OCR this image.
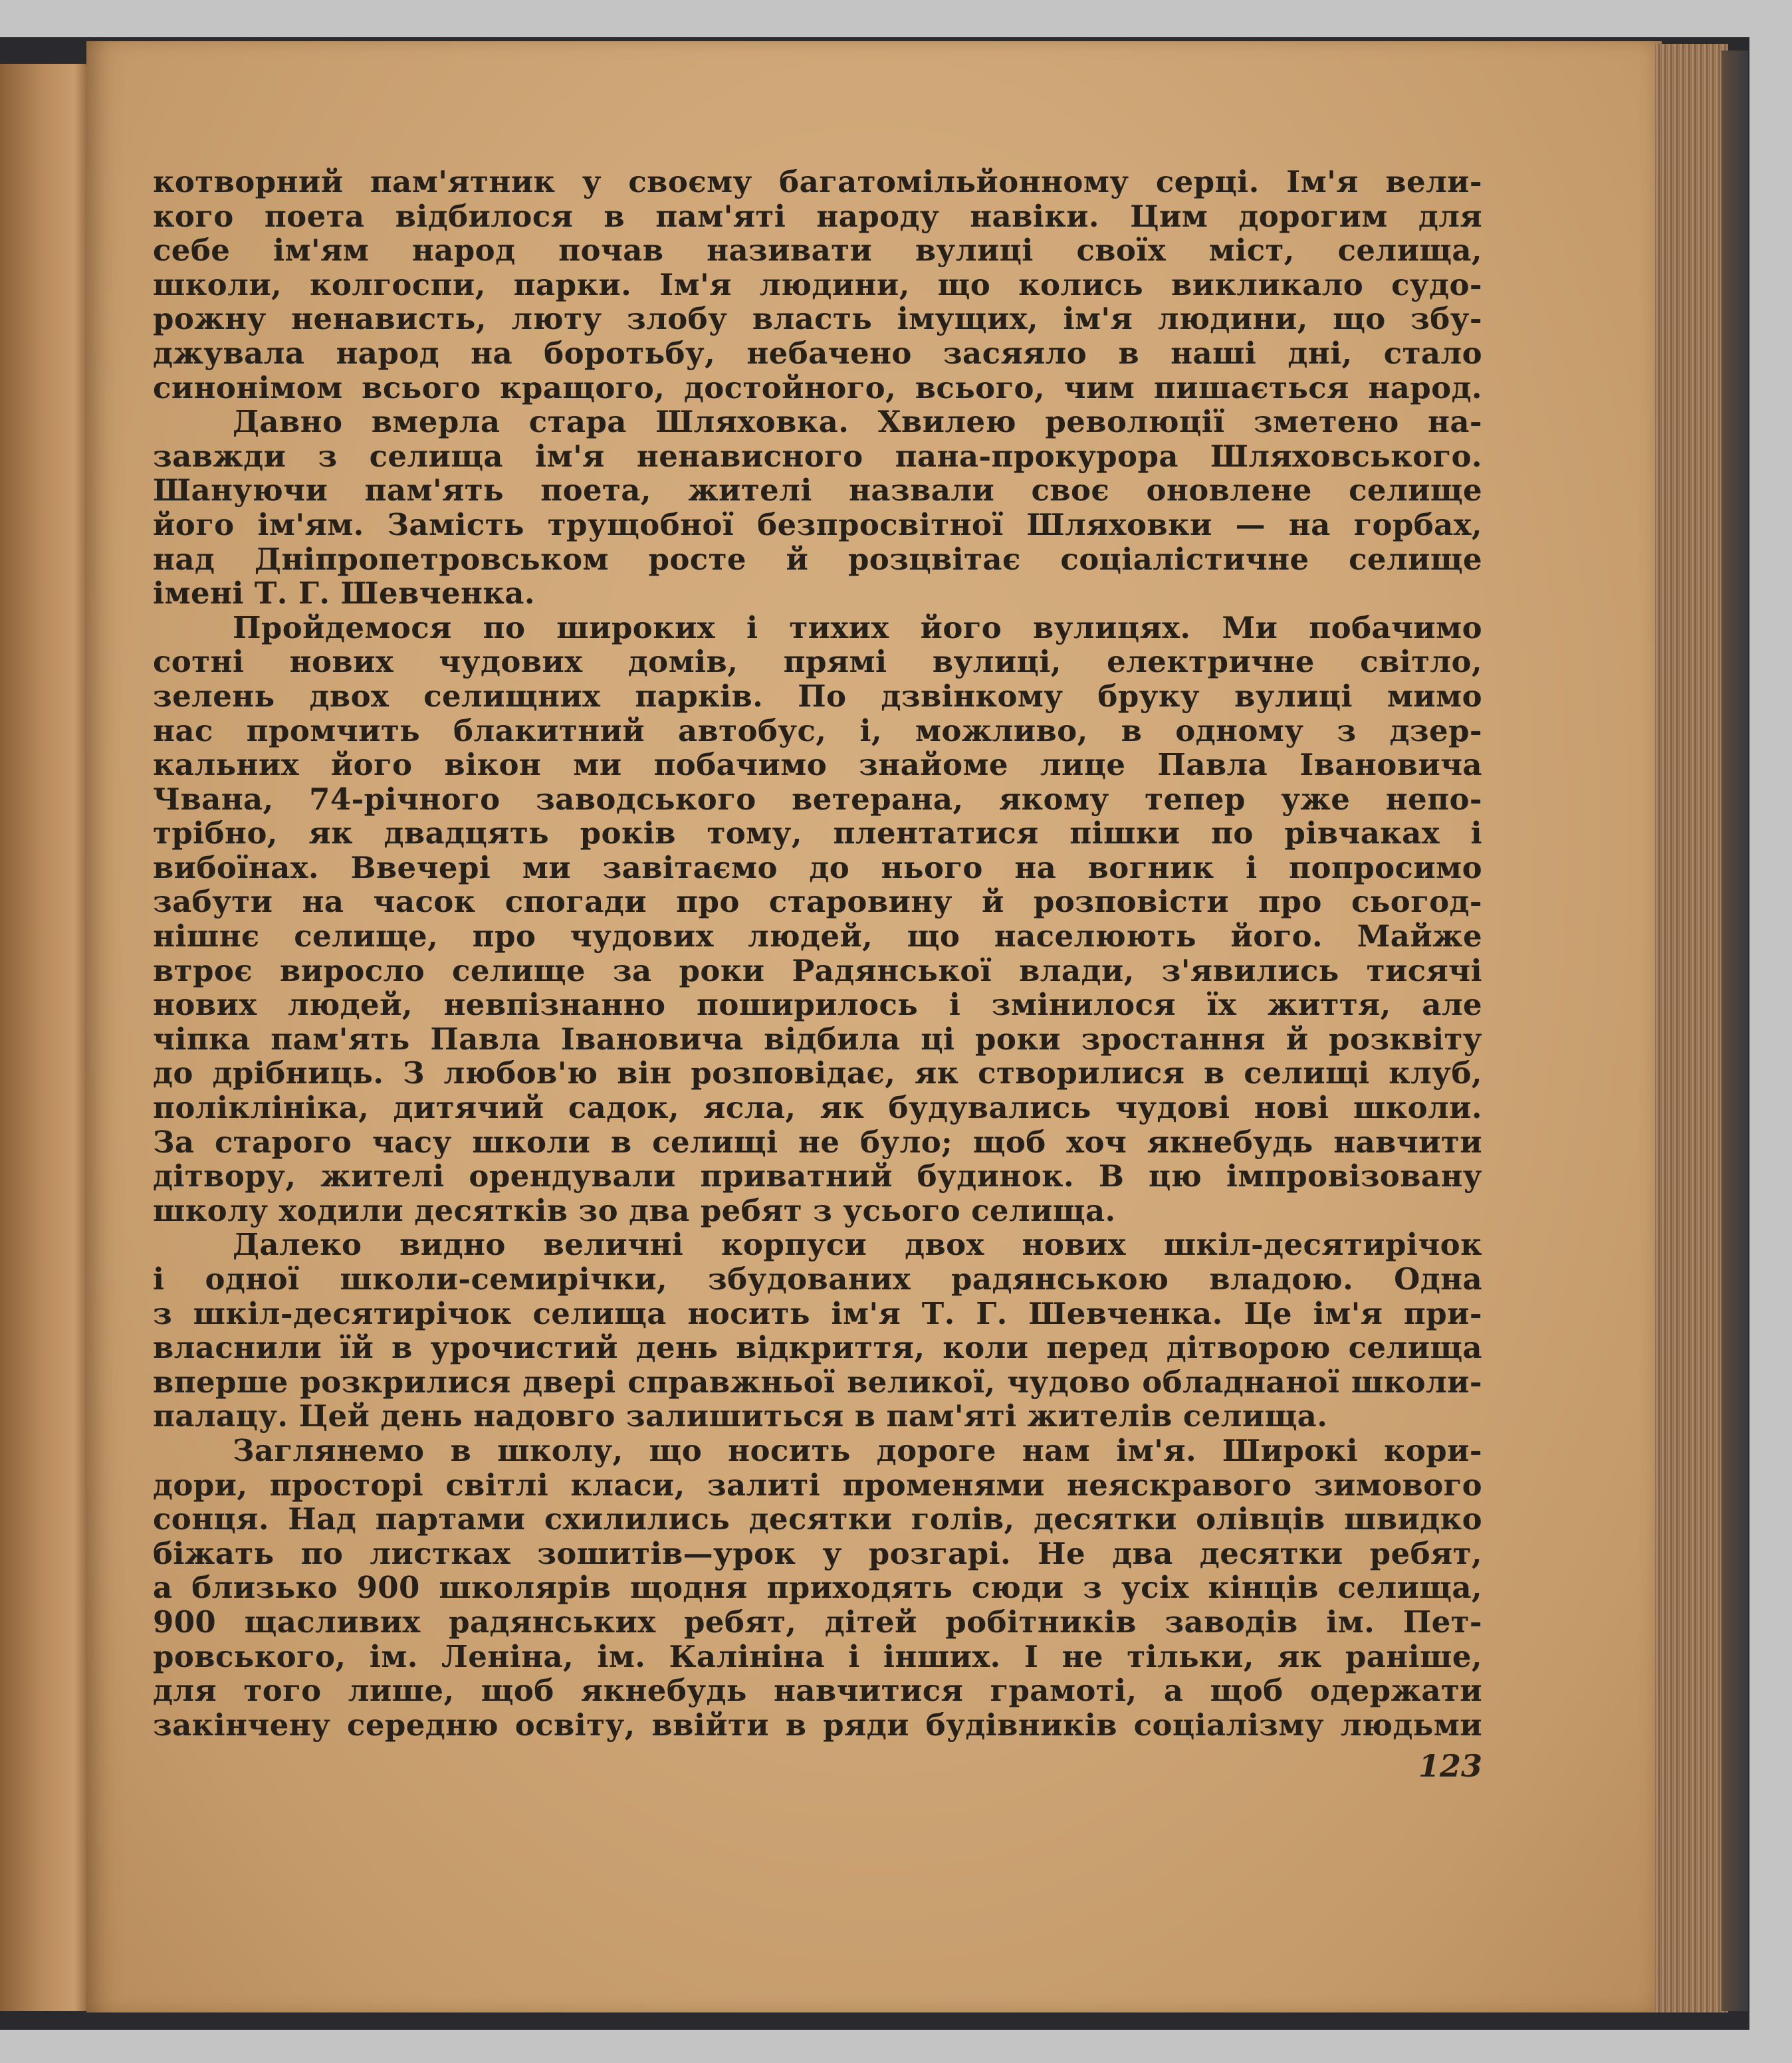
котворний пам'ятник у своєму багатомільйонному серці. Ім'я вели-
кого поета відбилося в пам'яті народу навіки. Цим дорогим для
себе ім'ям народ почав називати вулиці своїх міст, селища,
школи, колгоспи, парки. Ім'я людини, що колись викликало судо-
рожну ненависть, люту злобу власть імущих, ім'я людини, що збу-
джувала народ на боротьбу, небачено засяяло в наші дні, стало
синонімом всього кращого, достойного, всього, чим пишається народ.
Давно вмерла стара Шляховка. Хвилею революції зметено на-
завжди з селища ім'я ненависного пана-прокурора Шляховського.
Шануючи пам'ять поета, жителі назвали своє оновлене селище
його ім'ям. Замість трущобної безпросвітної Шляховки — на горбах,
над Дніпропетровськом росте й розцвітає соціалістичне селище
імені Т. Г. Шевченка.
Пройдемося по широких і тихих його вулицях. Ми побачимо
сотні нових чудових домів, прямі вулиці, електричне світло,
зелень двох селищних парків. По дзвінкому бруку вулиці мимо
нас промчить блакитний автобус, і, можливо, в одному з дзер-
кальних його вікон ми побачимо знайоме лице Павла Івановича
Чвана, 74-річного заводського ветерана, якому тепер уже непо-
трібно, як двадцять років тому, плентатися пішки по рівчаках і
вибоїнах. Ввечері ми завітаємо до нього на вогник і попросимо
забути на часок спогади про старовину й розповісти про сьогод-
нішнє селище, про чудових людей, що населюють його. Майже
втроє виросло селище за роки Радянської влади, з'явились тисячі
нових людей, невпізнанно поширилось і змінилося їх життя, але
чіпка пам'ять Павла Івановича відбила ці роки зростання й розквіту
до дрібниць. З любов'ю він розповідає, як створилися в селищі клуб,
поліклініка, дитячий садок, ясла, як будувались чудові нові школи.
За старого часу школи в селищі не було; щоб хоч якнебудь навчити
дітвору, жителі орендували приватний будинок. В цю імпровізовану
школу ходили десятків зо два ребят з усього селища.
Далеко видно величні корпуси двох нових шкіл-десятирічок
і одної школи-семирічки, збудованих радянською владою. Одна
з шкіл-десятирічок селища носить ім'я Т. Г. Шевченка. Це ім'я при-
власнили їй в урочистий день відкриття, коли перед дітворою селища
вперше розкрилися двері справжньої великої, чудово обладнаної школи-
палацу. Цей день надовго залишиться в пам'яті жителів селища.
Заглянемо в школу, що носить дороге нам ім'я. Широкі кори-
дори, просторі світлі класи, залиті променями неяскравого зимового
сонця. Над партами схилились десятки голів, десятки олівців швидко
біжать по листках зошитів—урок у розгарі. Не два десятки ребят,
а близько 900 школярів щодня приходять сюди з усіх кінців селища,
900 щасливих радянських ребят, дітей робітників заводів ім. Пет-
ровського, ім. Леніна, ім. Калініна і інших. І не тільки, як раніше,
для того лише, щоб якнебудь навчитися грамоті, а щоб одержати
закінчену середню освіту, ввійти в ряди будівників соціалізму людьми
123
